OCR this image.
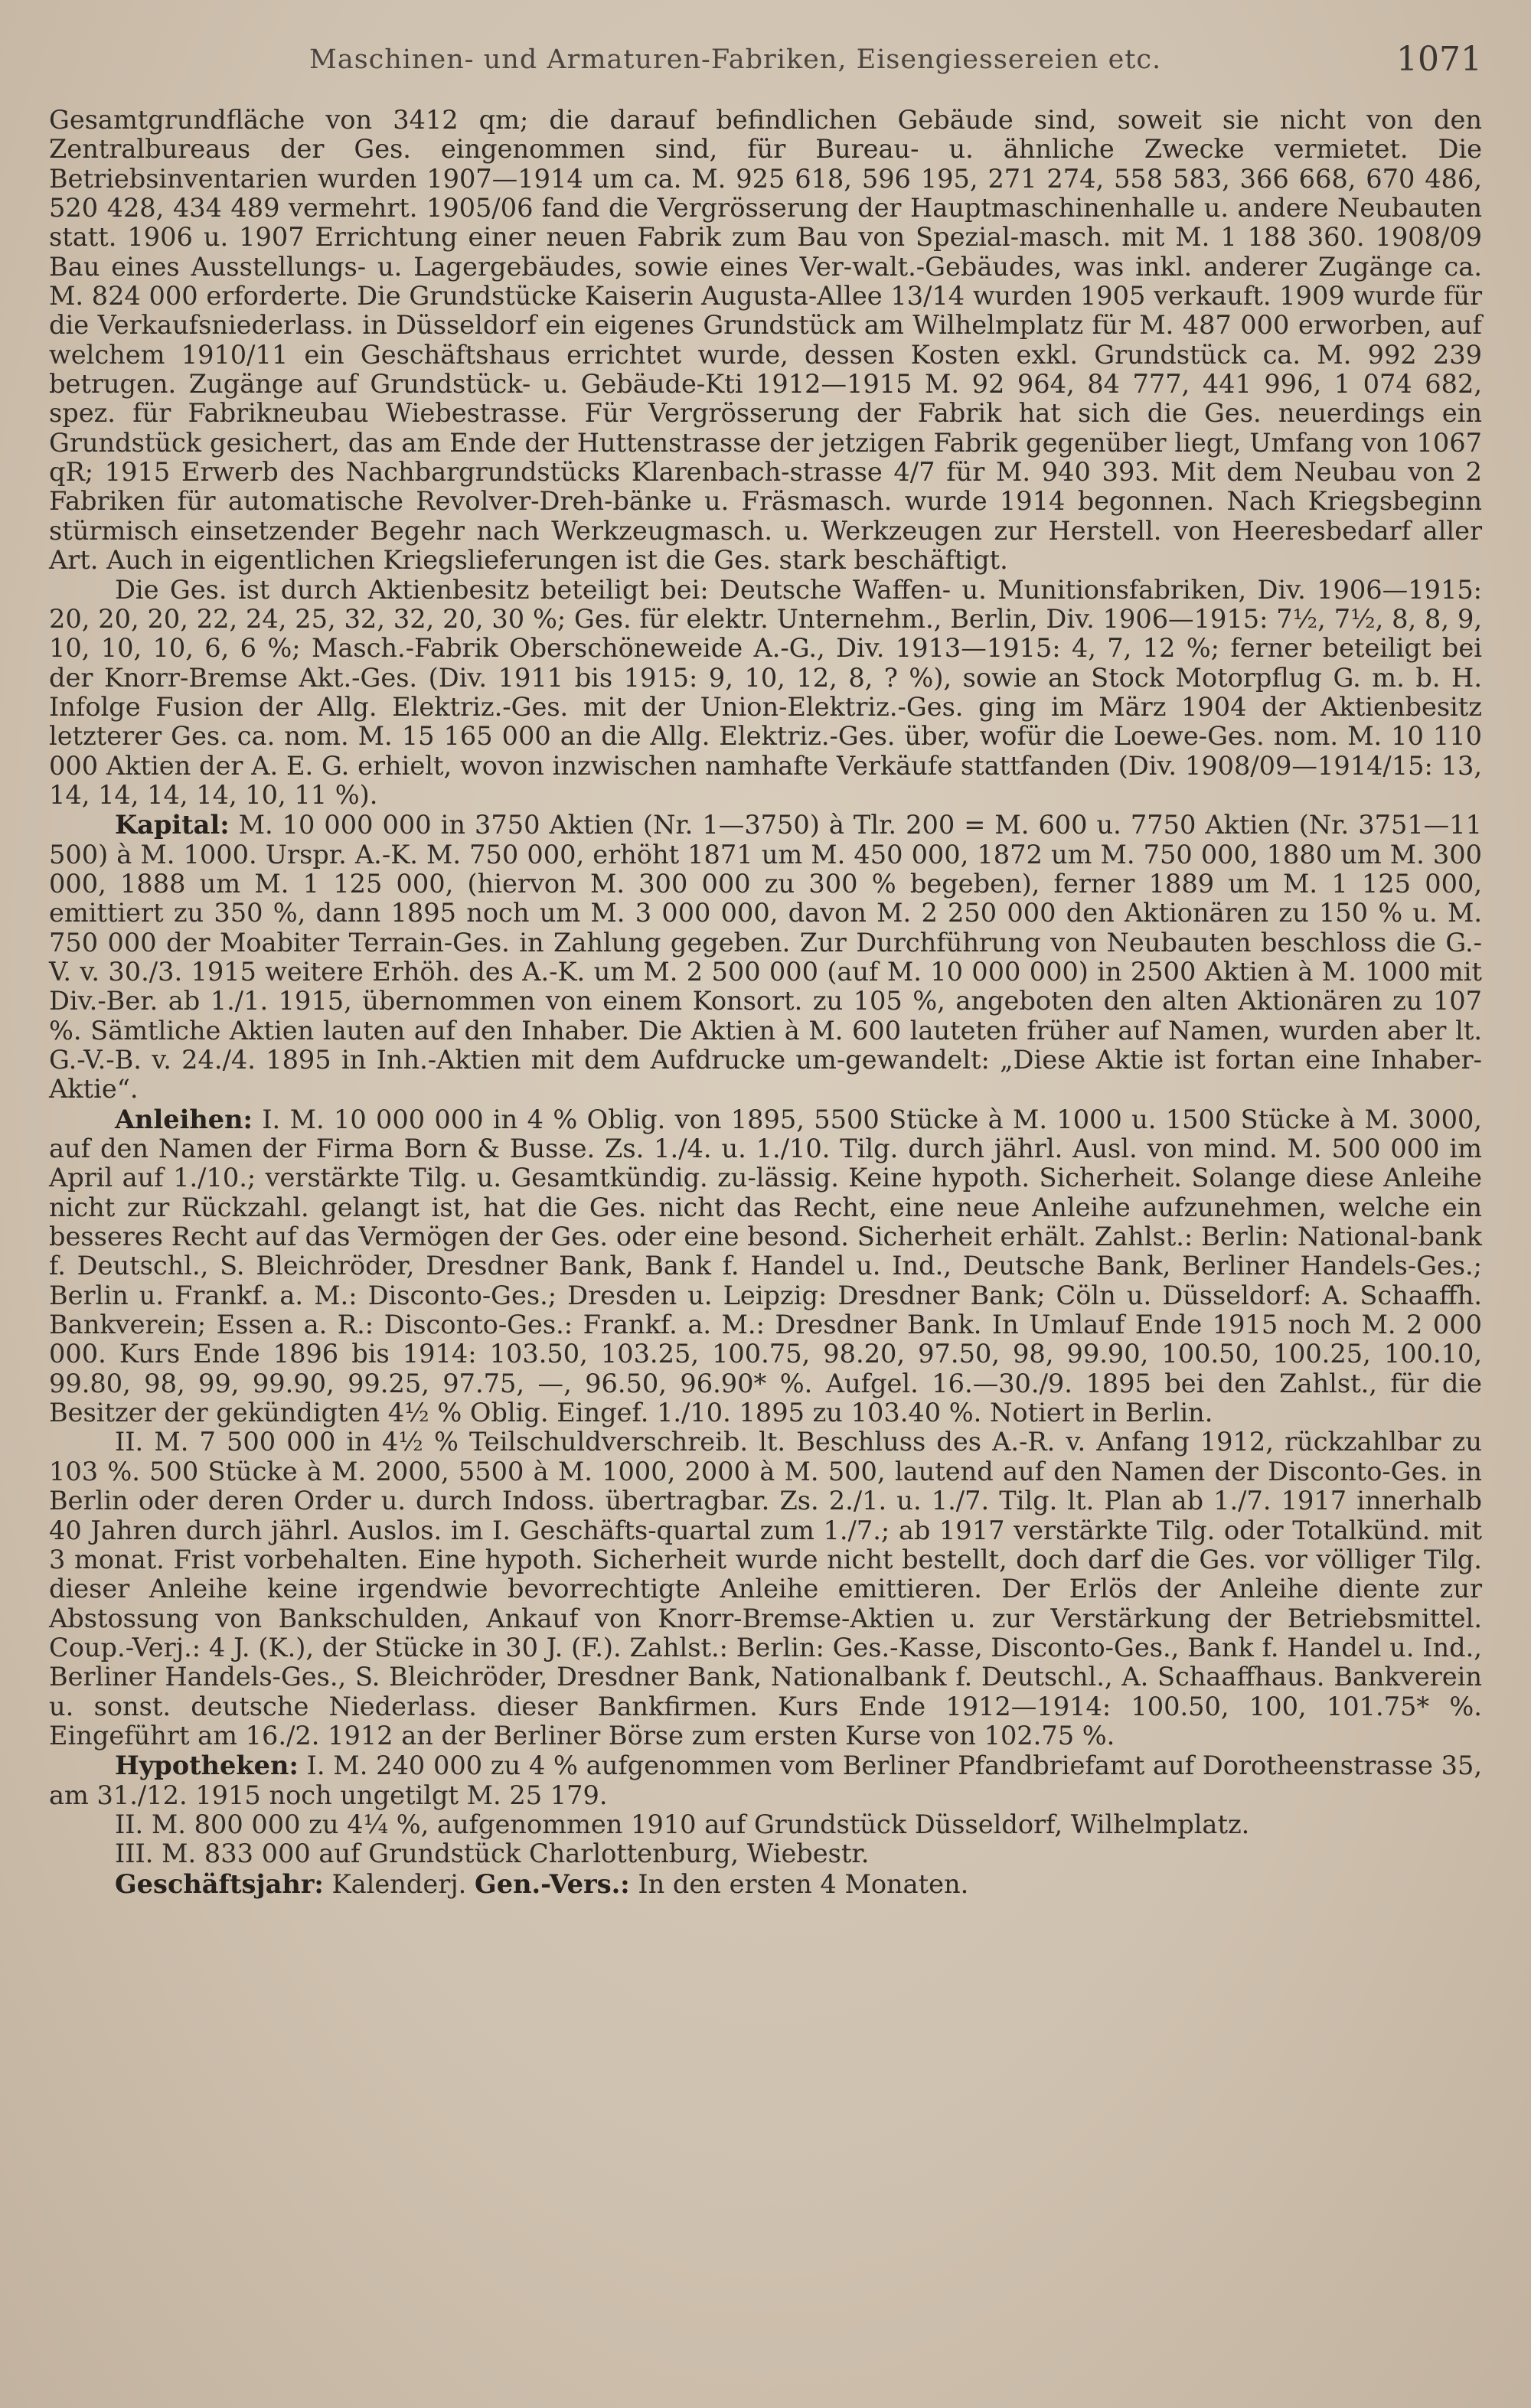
Maschinen- und Armaturen-Fabriken, Eisengiessereien etc.	1071

Gesamtgrundfläche von 3412 qm; die darauf befindlichen Gebäude sind, soweit sie nicht von den Zentralbureaus der Ges. eingenommen sind, für Bureau- u. ähnliche Zwecke vermietet. Die Betriebsinventarien wurden 1907—1914 um ca. M. 925 618, 596 195, 271 274, 558 583, 366 668, 670 486, 520 428, 434 489 vermehrt. 1905/06 fand die Vergrösserung der Hauptmaschinenhalle u. andere Neubauten statt. 1906 u. 1907 Errichtung einer neuen Fabrik zum Bau von Spezial-masch. mit M. 1 188 360. 1908/09 Bau eines Ausstellungs- u. Lagergebäudes, sowie eines Ver-walt.-Gebäudes, was inkl. anderer Zugänge ca. M. 824 000 erforderte. Die Grundstücke Kaiserin Augusta-Allee 13/14 wurden 1905 verkauft. 1909 wurde für die Verkaufsniederlass. in Düsseldorf ein eigenes Grundstück am Wilhelmplatz für M. 487 000 erworben, auf welchem 1910/11 ein Geschäftshaus errichtet wurde, dessen Kosten exkl. Grundstück ca. M. 992 239 betrugen. Zugänge auf Grundstück- u. Gebäude-Kti 1912—1915 M. 92 964, 84 777, 441 996, 1 074 682, spez. für Fabrikneubau Wiebestrasse. Für Vergrösserung der Fabrik hat sich die Ges. neuerdings ein Grundstück gesichert, das am Ende der Huttenstrasse der jetzigen Fabrik gegenüber liegt, Umfang von 1067 qR; 1915 Erwerb des Nachbargrundstücks Klarenbach-strasse 4/7 für M. 940 393. Mit dem Neubau von 2 Fabriken für automatische Revolver-Dreh-bänke u. Fräsmasch. wurde 1914 begonnen. Nach Kriegsbeginn stürmisch einsetzender Begehr nach Werkzeugmasch. u. Werkzeugen zur Herstell. von Heeresbedarf aller Art. Auch in eigentlichen Kriegslieferungen ist die Ges. stark beschäftigt.

Die Ges. ist durch Aktienbesitz beteiligt bei: Deutsche Waffen- u. Munitionsfabriken, Div. 1906—1915: 20, 20, 20, 22, 24, 25, 32, 32, 20, 30 %; Ges. für elektr. Unternehm., Berlin, Div. 1906—1915: 7½, 7½, 8, 8, 9, 10, 10, 10, 6, 6 %; Masch.-Fabrik Oberschöneweide A.-G., Div. 1913—1915: 4, 7, 12 %; ferner beteiligt bei der Knorr-Bremse Akt.-Ges. (Div. 1911 bis 1915: 9, 10, 12, 8, ? %), sowie an Stock Motorpflug G. m. b. H. Infolge Fusion der Allg. Elektriz.-Ges. mit der Union-Elektriz.-Ges. ging im März 1904 der Aktienbesitz letzterer Ges. ca. nom. M. 15 165 000 an die Allg. Elektriz.-Ges. über, wofür die Loewe-Ges. nom. M. 10 110 000 Aktien der A. E. G. erhielt, wovon inzwischen namhafte Verkäufe stattfanden (Div. 1908/09—1914/15: 13, 14, 14, 14, 14, 10, 11 %).

Kapital: M. 10 000 000 in 3750 Aktien (Nr. 1—3750) à Tlr. 200 = M. 600 u. 7750 Aktien (Nr. 3751—11 500) à M. 1000. Urspr. A.-K. M. 750 000, erhöht 1871 um M. 450 000, 1872 um M. 750 000, 1880 um M. 300 000, 1888 um M. 1 125 000, (hiervon M. 300 000 zu 300 % begeben), ferner 1889 um M. 1 125 000, emittiert zu 350 %, dann 1895 noch um M. 3 000 000, davon M. 2 250 000 den Aktionären zu 150 % u. M. 750 000 der Moabiter Terrain-Ges. in Zahlung gegeben. Zur Durchführung von Neubauten beschloss die G.-V. v. 30./3. 1915 weitere Erhöh. des A.-K. um M. 2 500 000 (auf M. 10 000 000) in 2500 Aktien à M. 1000 mit Div.-Ber. ab 1./1. 1915, übernommen von einem Konsort. zu 105 %, angeboten den alten Aktionären zu 107 %. Sämtliche Aktien lauten auf den Inhaber. Die Aktien à M. 600 lauteten früher auf Namen, wurden aber lt. G.-V.-B. v. 24./4. 1895 in Inh.-Aktien mit dem Aufdrucke um-gewandelt: „Diese Aktie ist fortan eine Inhaber-Aktie“.

Anleihen: I. M. 10 000 000 in 4 % Oblig. von 1895, 5500 Stücke à M. 1000 u. 1500 Stücke à M. 3000, auf den Namen der Firma Born & Busse. Zs. 1./4. u. 1./10. Tilg. durch jährl. Ausl. von mind. M. 500 000 im April auf 1./10.; verstärkte Tilg. u. Gesamtkündig. zu-lässig. Keine hypoth. Sicherheit. Solange diese Anleihe nicht zur Rückzahl. gelangt ist, hat die Ges. nicht das Recht, eine neue Anleihe aufzunehmen, welche ein besseres Recht auf das Vermögen der Ges. oder eine besond. Sicherheit erhält. Zahlst.: Berlin: National-bank f. Deutschl., S. Bleichröder, Dresdner Bank, Bank f. Handel u. Ind., Deutsche Bank, Berliner Handels-Ges.; Berlin u. Frankf. a. M.: Disconto-Ges.; Dresden u. Leipzig: Dresdner Bank; Cöln u. Düsseldorf: A. Schaaffh. Bankverein; Essen a. R.: Disconto-Ges.: Frankf. a. M.: Dresdner Bank. In Umlauf Ende 1915 noch M. 2 000 000. Kurs Ende 1896 bis 1914: 103.50, 103.25, 100.75, 98.20, 97.50, 98, 99.90, 100.50, 100.25, 100.10, 99.80, 98, 99, 99.90, 99.25, 97.75, —, 96.50, 96.90* %. Aufgel. 16.—30./9. 1895 bei den Zahlst., für die Besitzer der gekündigten 4½ % Oblig. Eingef. 1./10. 1895 zu 103.40 %. Notiert in Berlin.

II. M. 7 500 000 in 4½ % Teilschuldverschreib. lt. Beschluss des A.-R. v. Anfang 1912, rückzahlbar zu 103 %. 500 Stücke à M. 2000, 5500 à M. 1000, 2000 à M. 500, lautend auf den Namen der Disconto-Ges. in Berlin oder deren Order u. durch Indoss. übertragbar. Zs. 2./1. u. 1./7. Tilg. lt. Plan ab 1./7. 1917 innerhalb 40 Jahren durch jährl. Auslos. im I. Geschäfts-quartal zum 1./7.; ab 1917 verstärkte Tilg. oder Totalkünd. mit 3 monat. Frist vorbehalten. Eine hypoth. Sicherheit wurde nicht bestellt, doch darf die Ges. vor völliger Tilg. dieser Anleihe keine irgendwie bevorrechtigte Anleihe emittieren. Der Erlös der Anleihe diente zur Abstossung von Bankschulden, Ankauf von Knorr-Bremse-Aktien u. zur Verstärkung der Betriebsmittel. Coup.-Verj.: 4 J. (K.), der Stücke in 30 J. (F.). Zahlst.: Berlin: Ges.-Kasse, Disconto-Ges., Bank f. Handel u. Ind., Berliner Handels-Ges., S. Bleichröder, Dresdner Bank, Nationalbank f. Deutschl., A. Schaaffhaus. Bankverein u. sonst. deutsche Niederlass. dieser Bankfirmen. Kurs Ende 1912—1914: 100.50, 100, 101.75* %. Eingeführt am 16./2. 1912 an der Berliner Börse zum ersten Kurse von 102.75 %.

Hypotheken: I. M. 240 000 zu 4 % aufgenommen vom Berliner Pfandbriefamt auf Dorotheenstrasse 35, am 31./12. 1915 noch ungetilgt M. 25 179.

II. M. 800 000 zu 4¼ %, aufgenommen 1910 auf Grundstück Düsseldorf, Wilhelmplatz.

III. M. 833 000 auf Grundstück Charlottenburg, Wiebestr.

Geschäftsjahr: Kalenderj. Gen.-Vers.: In den ersten 4 Monaten.
